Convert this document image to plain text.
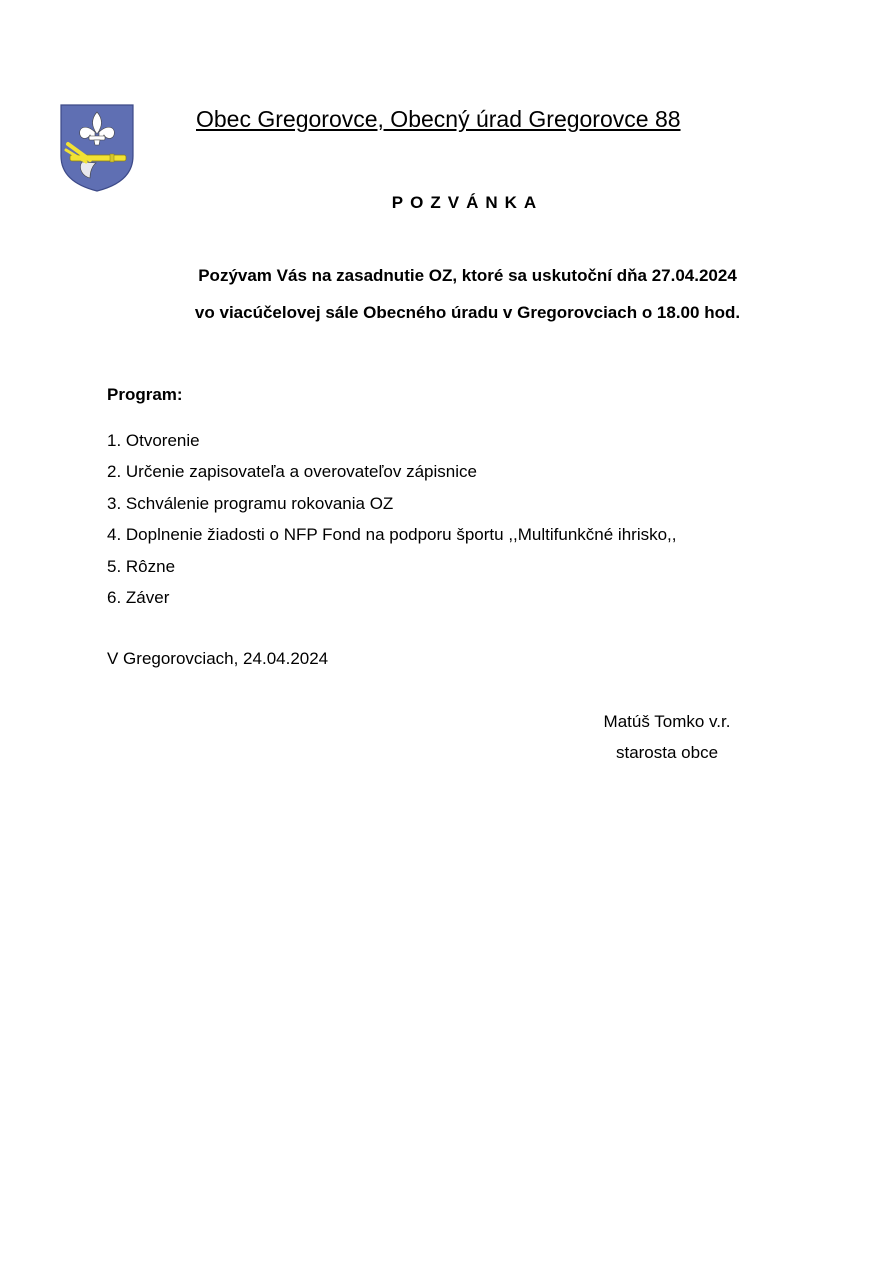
Obec Gregorovce, Obecný úrad Gregorovce 88
POZVÁNKA
Pozývam Vás na zasadnutie OZ, ktoré sa uskutoční dňa 27.04.2024
vo viacúčelovej sále Obecného úradu v Gregorovciach o 18.00 hod.
Program:
1. Otvorenie
2. Určenie zapisovateľa a overovateľov zápisnice
3. Schválenie programu rokovania OZ
4. Doplnenie žiadosti o NFP Fond na podporu športu ,,Multifunkčné ihrisko,,
5. Rôzne
6. Záver
V Gregorovciach, 24.04.2024
Matúš Tomko v.r.
starosta obce
